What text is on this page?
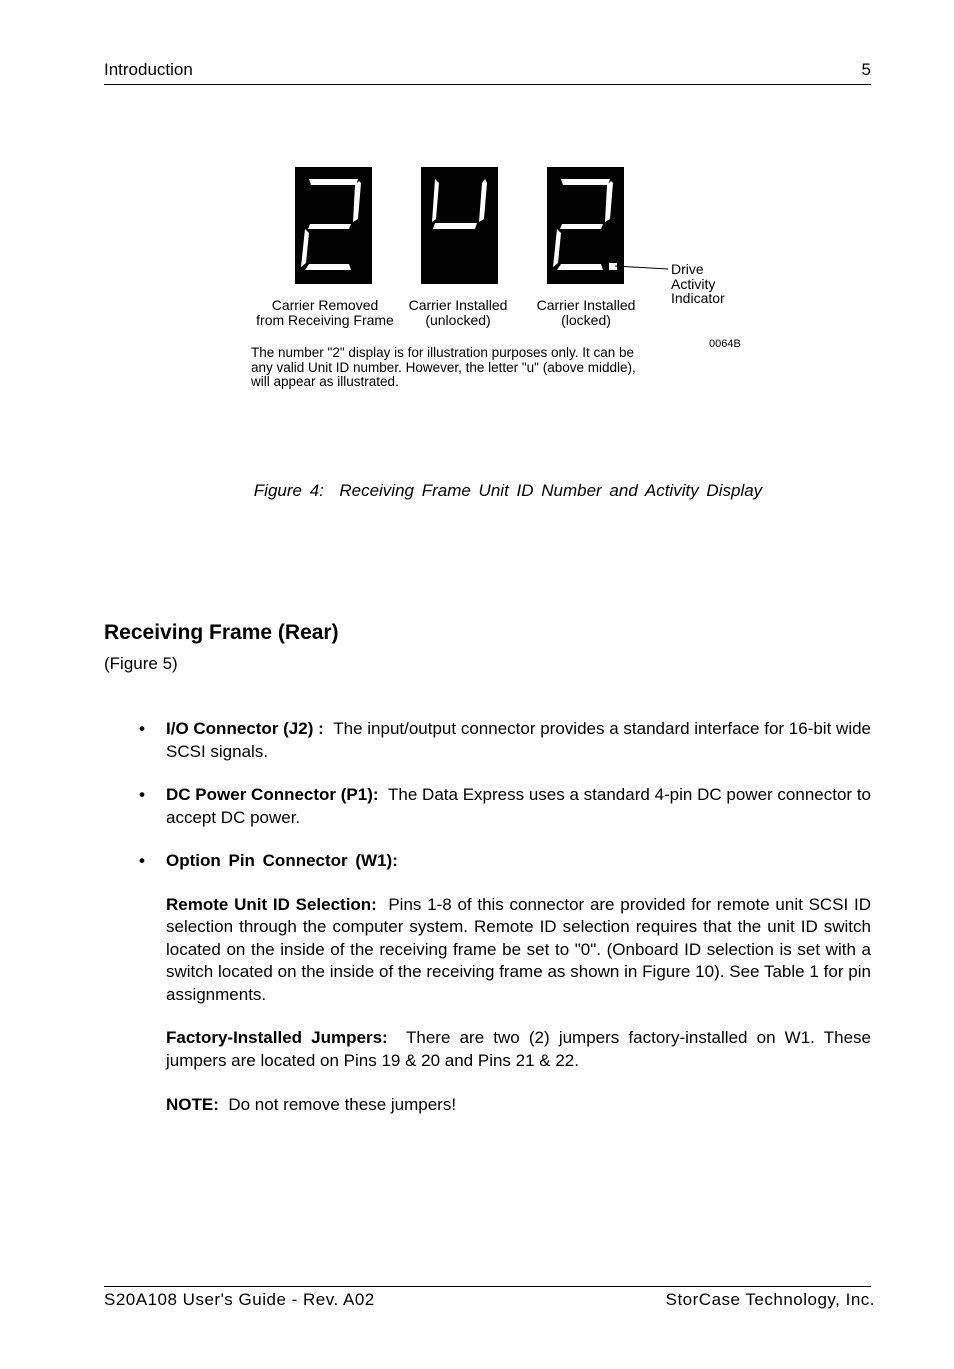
Introduction	5
Carrier Removed
from Receiving Frame
Carrier Installed
(unlocked)
Carrier Installed
(locked)
Drive
Activity
Indicator
0064B
The number "2" display is for illustration purposes only. It can be any valid Unit ID number. However, the letter "u" (above middle), will appear as illustrated.
Figure 4: Receiving Frame Unit ID Number and Activity Display
Receiving Frame (Rear)
(Figure 5)

• I/O Connector (J2) : The input/output connector provides a standard interface for 16-bit wide SCSI signals.

• DC Power Connector (P1): The Data Express uses a standard 4-pin DC power connector to accept DC power.

• Option Pin Connector (W1):

Remote Unit ID Selection: Pins 1-8 of this connector are provided for remote unit SCSI ID selection through the computer system. Remote ID selection requires that the unit ID switch located on the inside of the receiving frame be set to "0". (Onboard ID selection is set with a switch located on the inside of the receiving frame as shown in Figure 10). See Table 1 for pin assignments.

Factory-Installed Jumpers: There are two (2) jumpers factory-installed on W1. These jumpers are located on Pins 19 & 20 and Pins 21 & 22.

NOTE: Do not remove these jumpers!

S20A108 User's Guide - Rev. A02	StorCase Technology, Inc.
